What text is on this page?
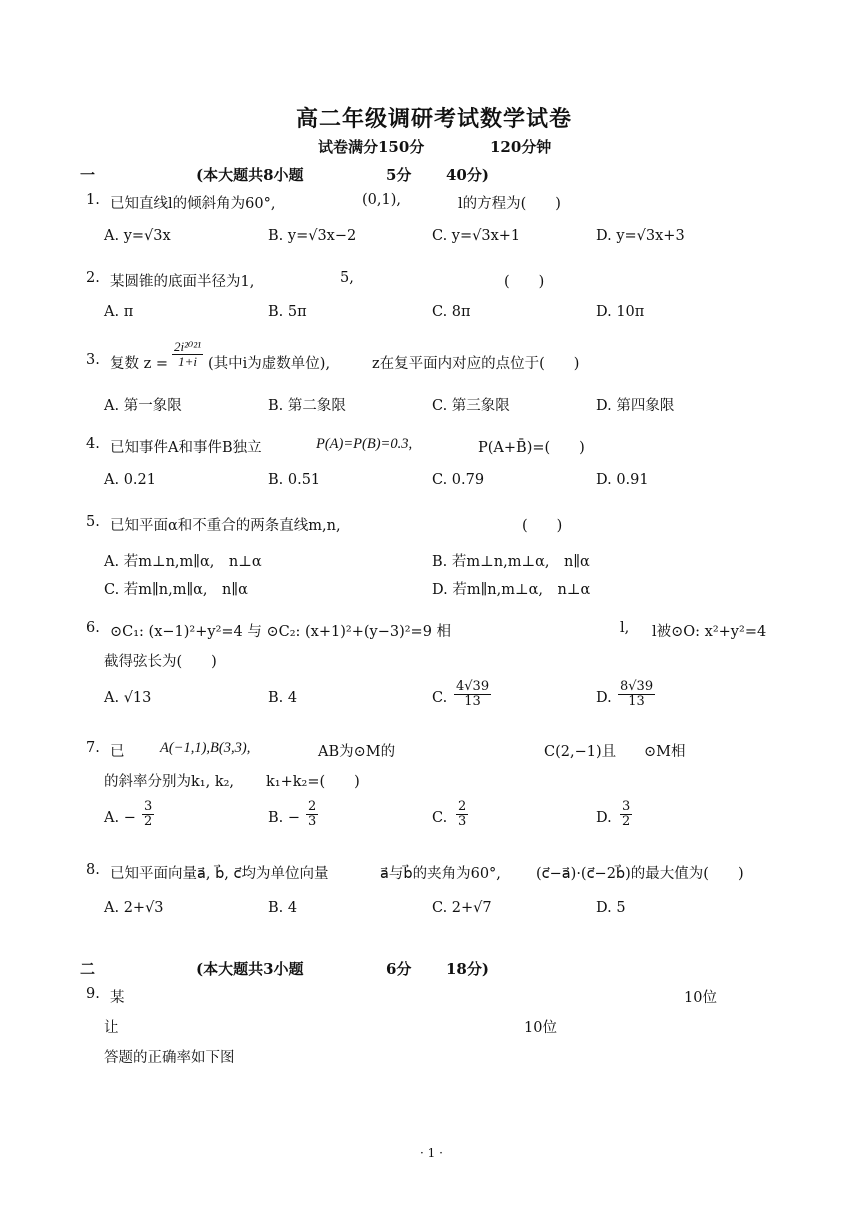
高二年级调研考试数学试卷
试卷满分150分	120分钟
一	(本大题共8小题	5分 40分)
1. 已知直线l的倾斜角为60°,	(0,1),	l的方程为(　　)
A. y=√3x	B. y=√3x−2	C. y=√3x+1	D. y=√3x+3
2. 某圆锥的底面半径为1,	5,	(　　)
A. π	B. 5π	C. 8π	D. 10π
3. 复数 $z = \frac{\text{2i²⁰²¹}}{1+i}$ (其中i为虚数单位),	z在复平面内对应的点位于(　　)
A. 第一象限	B. 第二象限	C. 第三象限	D. 第四象限
4. 已知事件A和事件B独立	P(A)=P(B)=0.3,	P(A+B̄)=(　　)
A. 0.21	B. 0.51	C. 0.79	D. 0.91
5. 已知平面α和不重合的两条直线m,n,	(　　)
A. 若m⊥n,m∥α,　n⊥α	B. 若m⊥n,m⊥α,　n∥α
C. 若m∥n,m∥α,　n∥α	D. 若m∥n,m⊥α,　n⊥α
6. ⊙C₁: (x−1)²+y²=4 与 ⊙C₂: (x+1)²+(y−3)²=9 相	l, l被⊙O: x²+y²=4
截得弦长为(　　)
A. √13	B. 4	C. $\frac{4√39}{13}$	D. $\frac{8√39}{13}$
7. 已 A(−1,1),B(3,3),	AB为⊙M的	C(2,−1)且 ⊙M相
的斜率分别为k₁, k₂, k₁+k₂=(　　)
A. − $\frac{3}{2}$	B. − $\frac{2}{3}$	C. $\frac{2}{3}$	D. $\frac{3}{2}$
8. 已知平面向量a⃗, b⃗, c⃗均为单位向量	a⃗与b⃗的夹角为60°, (c⃗−a⃗)·(c⃗−2b⃗)的最大值为(　　)
A. 2+√3	B. 4	C. 2+√7	D. 5
二	(本大题共3小题	6分 18分)
9. 某	10位
让	10位
答题的正确率如下图
· 1 ·
